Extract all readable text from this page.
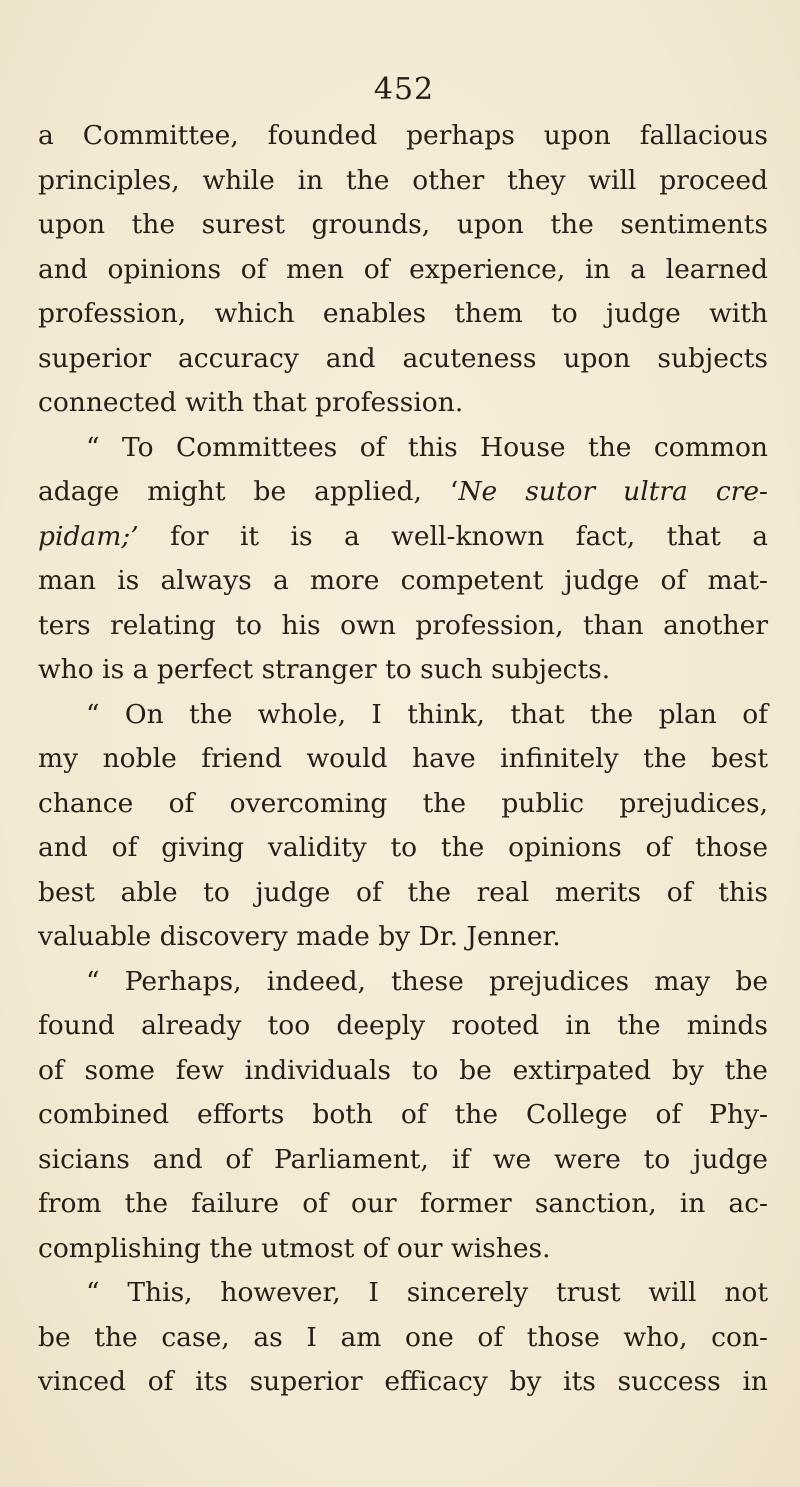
452
a Committee, founded perhaps upon fallacious
principles, while in the other they will proceed
upon the surest grounds, upon the sentiments
and opinions of men of experience, in a learned
profession, which enables them to judge with
superior accuracy and acuteness upon subjects
connected with that profession.
“ To Committees of this House the common
adage might be applied, ‘Ne sutor ultra cre-
pidam;’ for it is a well-known fact, that a
man is always a more competent judge of mat-
ters relating to his own profession, than another
who is a perfect stranger to such subjects.
“ On the whole, I think, that the plan of
my noble friend would have infinitely the best
chance of overcoming the public prejudices,
and of giving validity to the opinions of those
best able to judge of the real merits of this
valuable discovery made by Dr. Jenner.
“ Perhaps, indeed, these prejudices may be
found already too deeply rooted in the minds
of some few individuals to be extirpated by the
combined efforts both of the College of Phy-
sicians and of Parliament, if we were to judge
from the failure of our former sanction, in ac-
complishing the utmost of our wishes.
“ This, however, I sincerely trust will not
be the case, as I am one of those who, con-
vinced of its superior efficacy by its success in
